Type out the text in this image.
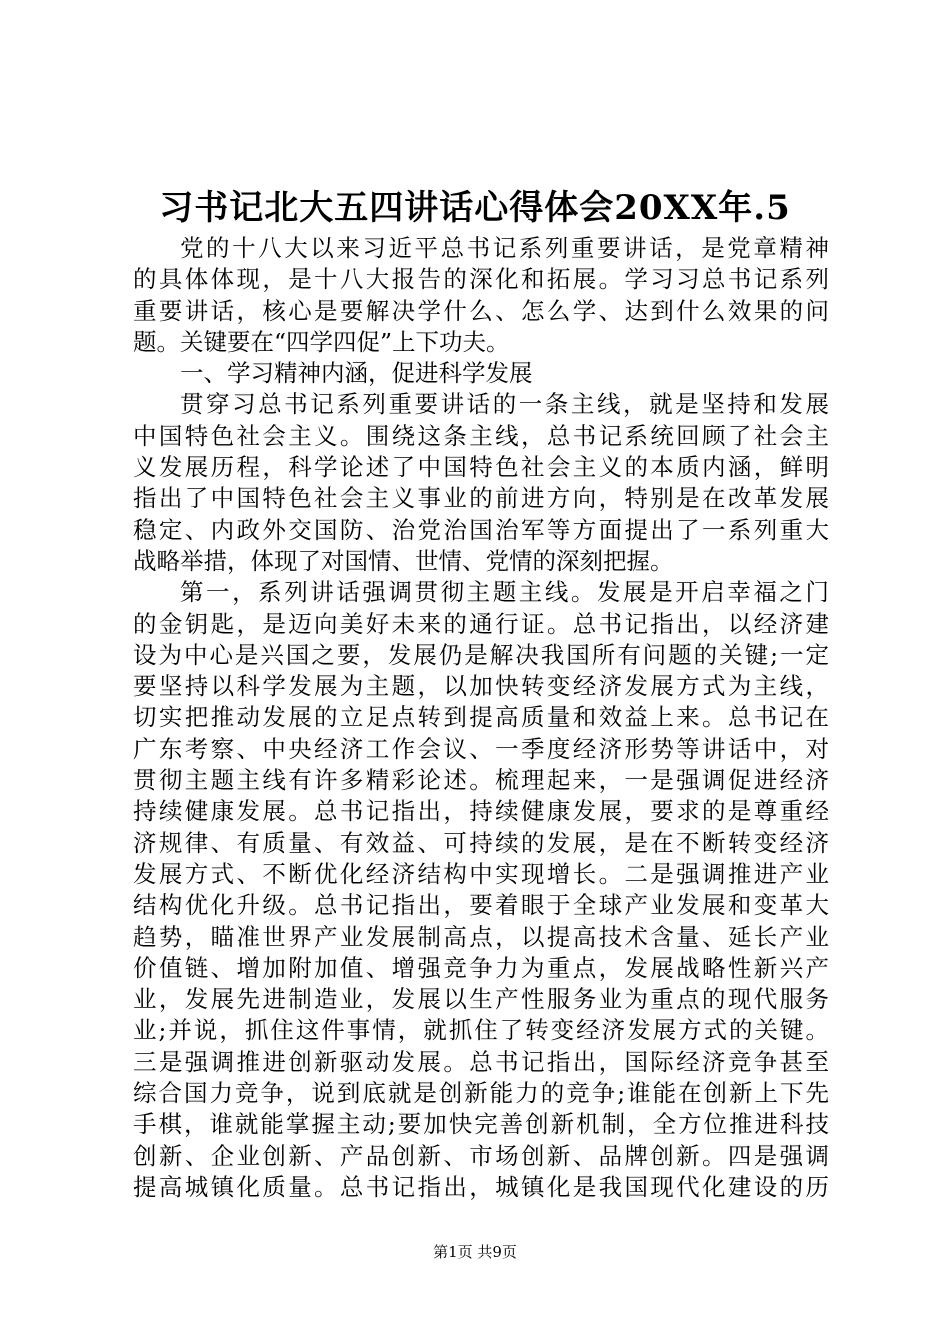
习书记北大五四讲话心得体会20XX年.5
党的十八大以来习近平总书记系列重要讲话，是党章精神
的具体体现，是十八大报告的深化和拓展。学习习总书记系列
重要讲话，核心是要解决学什么、怎么学、达到什么效果的问
题。关键要在“四学四促”上下功夫。
一、学习精神内涵，促进科学发展
贯穿习总书记系列重要讲话的一条主线，就是坚持和发展
中国特色社会主义。围绕这条主线，总书记系统回顾了社会主
义发展历程，科学论述了中国特色社会主义的本质内涵，鲜明
指出了中国特色社会主义事业的前进方向，特别是在改革发展
稳定、内政外交国防、治党治国治军等方面提出了一系列重大
战略举措，体现了对国情、世情、党情的深刻把握。
第一，系列讲话强调贯彻主题主线。发展是开启幸福之门
的金钥匙，是迈向美好未来的通行证。总书记指出，以经济建
设为中心是兴国之要，发展仍是解决我国所有问题的关键;一定
要坚持以科学发展为主题，以加快转变经济发展方式为主线，
切实把推动发展的立足点转到提高质量和效益上来。总书记在
广东考察、中央经济工作会议、一季度经济形势等讲话中，对
贯彻主题主线有许多精彩论述。梳理起来，一是强调促进经济
持续健康发展。总书记指出，持续健康发展，要求的是尊重经
济规律、有质量、有效益、可持续的发展，是在不断转变经济
发展方式、不断优化经济结构中实现增长。二是强调推进产业
结构优化升级。总书记指出，要着眼于全球产业发展和变革大
趋势，瞄准世界产业发展制高点，以提高技术含量、延长产业
价值链、增加附加值、增强竞争力为重点，发展战略性新兴产
业，发展先进制造业，发展以生产性服务业为重点的现代服务
业;并说，抓住这件事情，就抓住了转变经济发展方式的关键。
三是强调推进创新驱动发展。总书记指出，国际经济竞争甚至
综合国力竞争，说到底就是创新能力的竞争;谁能在创新上下先
手棋，谁就能掌握主动;要加快完善创新机制，全方位推进科技
创新、企业创新、产品创新、市场创新、品牌创新。四是强调
提高城镇化质量。总书记指出，城镇化是我国现代化建设的历
第1页 共9页
